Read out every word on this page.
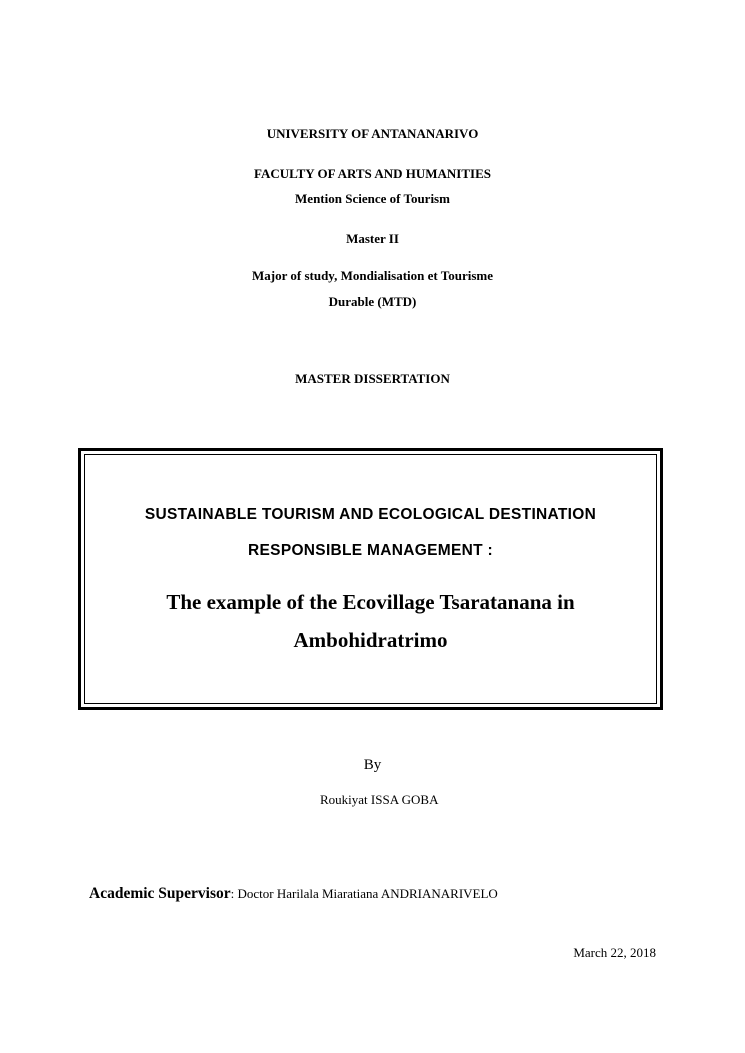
UNIVERSITY OF ANTANANARIVO
FACULTY OF ARTS AND HUMANITIES
Mention Science of Tourism
Master II
Major of study, Mondialisation et Tourisme
Durable (MTD)
MASTER DISSERTATION
SUSTAINABLE TOURISM AND ECOLOGICAL DESTINATION
RESPONSIBLE MANAGEMENT :
The example of the Ecovillage Tsaratanana in
Ambohidratrimo
By
Roukiyat ISSA GOBA
Academic Supervisor: Doctor Harilala Miaratiana ANDRIANARIVELO
March 22, 2018
